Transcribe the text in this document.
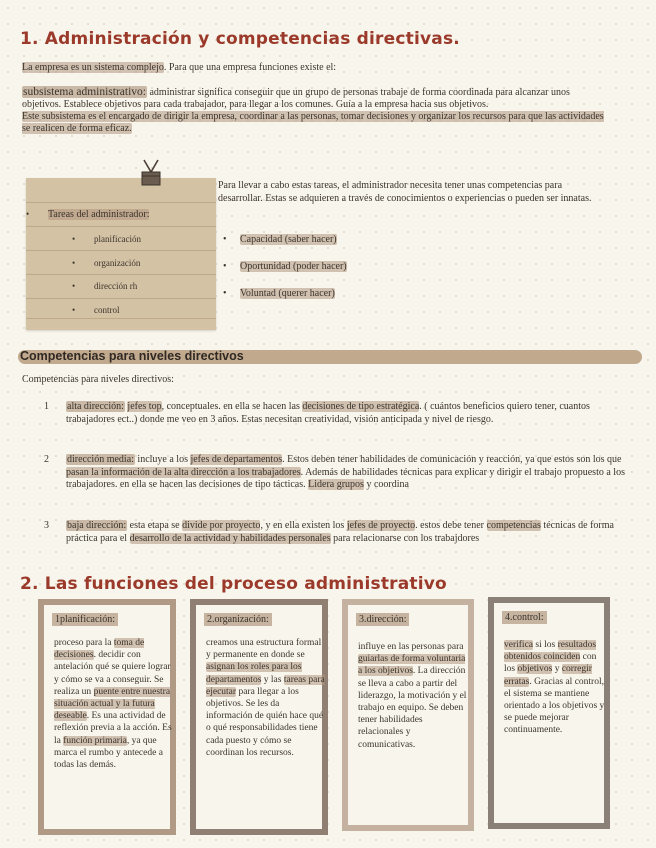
1. Administración y competencias directivas.

La empresa es un sistema complejo. Para que una empresa funciones existe el:

subsistema administrativo: administrar significa conseguir que un grupo de personas trabaje de forma coordinada para alcanzar unos objetivos. Establece objetivos para cada trabajador, para llegar a los comunes. Guía a la empresa hacia sus objetivos.
Este subsistema es el encargado de dirigir la empresa, coordinar a las personas, tomar decisiones y organizar los recursos para que las actividades se realicen de forma eficaz.

• Tareas del administrador:
• planificación
• organización
• dirección rh
• control

Para llevar a cabo estas tareas, el administrador necesita tener unas competencias para desarrollar. Estas se adquieren a través de conocimientos o experiencias o pueden ser innatas.

• Capacidad (saber hacer)
• Oportunidad (poder hacer)
• Voluntad (querer hacer)
Competencias para niveles directivos

Competencias para niveles directivos:

1 alta dirección: jefes top, conceptuales. en ella se hacen las decisiones de tipo estratégica. ( cuántos beneficios quiero tener, cuantos trabajadores ect..) donde me veo en 3 años. Estas necesitan creatividad, visión anticipada y nivel de riesgo.

2 dirección media: incluye a los jefes de departamentos. Estos deben tener habilidades de comunicación y reacción, ya que estos son los que pasan la información de la alta dirección a los trabajadores. Además de habilidades técnicas para explicar y dirigir el trabajo propuesto a los trabajadores. en ella se hacen las decisiones de tipo tácticas. Lidera grupos y coordina

3 baja dirección: esta etapa se divide por proyecto, y en ella existen los jefes de proyecto. estos debe tener competencias técnicas de forma práctica para el desarrollo de la actividad y habilidades personales para relacionarse con los trabajdores

2. Las funciones del proceso administrativo
1planificación:

proceso para la toma de decisiones. decidir con antelación qué se quiere lograr y cómo se va a conseguir. Se realiza un puente entre nuestra situación actual y la futura deseable. Es una actividad de reflexión previa a la acción. Es la función primaria, ya que marca el rumbo y antecede a todas las demás.

2.organización:

creamos una estructura formal y permanente en donde se asignan los roles para los departamentos y las tareas para ejecutar para llegar a los objetivos. Se les da información de quién hace qué o qué responsabilidades tiene cada puesto y cómo se coordinan los recursos.

3.dirección:

influye en las personas para guiarlas de forma voluntaria a los objetivos. La dirección se lleva a cabo a partir del liderazgo, la motivación y el trabajo en equipo. Se deben tener habilidades relacionales y comunicativas.

4.control:

verifica si los resultados obtenidos coinciden con los objetivos y corregir erratas. Gracias al control, el sistema se mantiene orientado a los objetivos y se puede mejorar continuamente.
